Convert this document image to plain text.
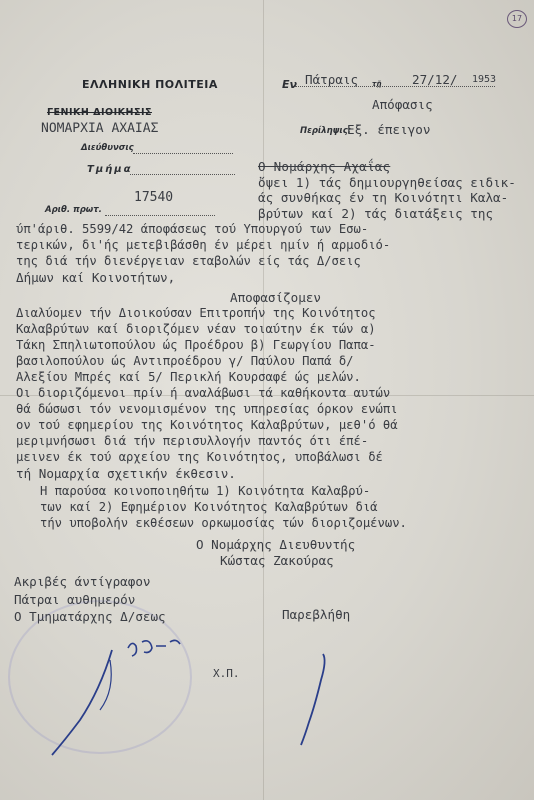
17
ΕΛΛΗΝΙΚΗ ΠΟΛΙΤΕΙΑ
ΓΕΝΙΚΗ ΔΙΟΙΚΗΣΙΣ
ΝΟΜΑΡΧΙΑ ΑΧΑΙΑΣ
Διεύθυνσις
Τμήμα
17540
Αριθ. πρωτ.
Εν Πάτραις τῇ 27/12/ 1953
Απόφασις
Περίληψις:
Εξ. έπειγον
Ο Νομάρχης Αχαΐας
ὄψει 1) τάς δημιουργηθείσας ειδικ-
άς συνθήκας έν τη Κοινότητι Καλα-
βρύτων καί 2) τάς διατάξεις της
ύπ'άριθ. 5599/42 άποφάσεως τού Υπουργού των Εσω-
τερικών, δι'ής μετεβιβάσθη έν μέρει ημίν ή αρμοδιό-
της διά τήν διενέργειαν εταβολών είς τάς Δ/σεις
Δήμων καί Κοινοτήτων,
Αποφασίζομεν
Διαλύομεν τήν Διοικούσαν Επιτροπήν της Κοινότητος
Καλαβρύτων καί διοριζόμεν νέαν τοιαύτην έκ τών α)
Τάκη Σπηλιωτοπούλου ώς Προέδρου β) Γεωργίου Παπα-
βασιλοπούλου ώς Αντιπροέδρου γ/ Παύλου Παπά δ/
Αλεξίου Μπρές καί 5/ Περικλή Κουρσαφέ ώς μελών.
Οι διοριζόμενοι πρίν ή αναλάβωσι τά καθήκοντα αυτών
θά δώσωσι τόν νενομισμένον της υπηρεσίας όρκον ενώπι
ον τού εφημερίου της Κοινότητος Καλαβρύτων, μεθ'ό θά
μεριμνήσωσι διά τήν περισυλλογήν παντός ότι έπέ-
μεινεν έκ τού αρχείου της Κοινότητος, υποβάλωσι δέ
τή Νομαρχία σχετικήν έκθεσιν.
Η παρούσα κοινοποιηθήτω 1) Κοινότητα Καλαβρύ-
των καί 2) Εφημέριον Κοινότητος Καλαβρύτων διά
τήν υποβολήν εκθέσεων ορκωμοσίας τών διοριζομένων.
Ο Νομάρχης Διευθυντής
Κώστας Ζακούρας
Ακριβές άντίγραφον
Πάτραι αυθημερόν
Ο Τμηματάρχης Δ/σεως	Παρεβλήθη
Χ.Π.
